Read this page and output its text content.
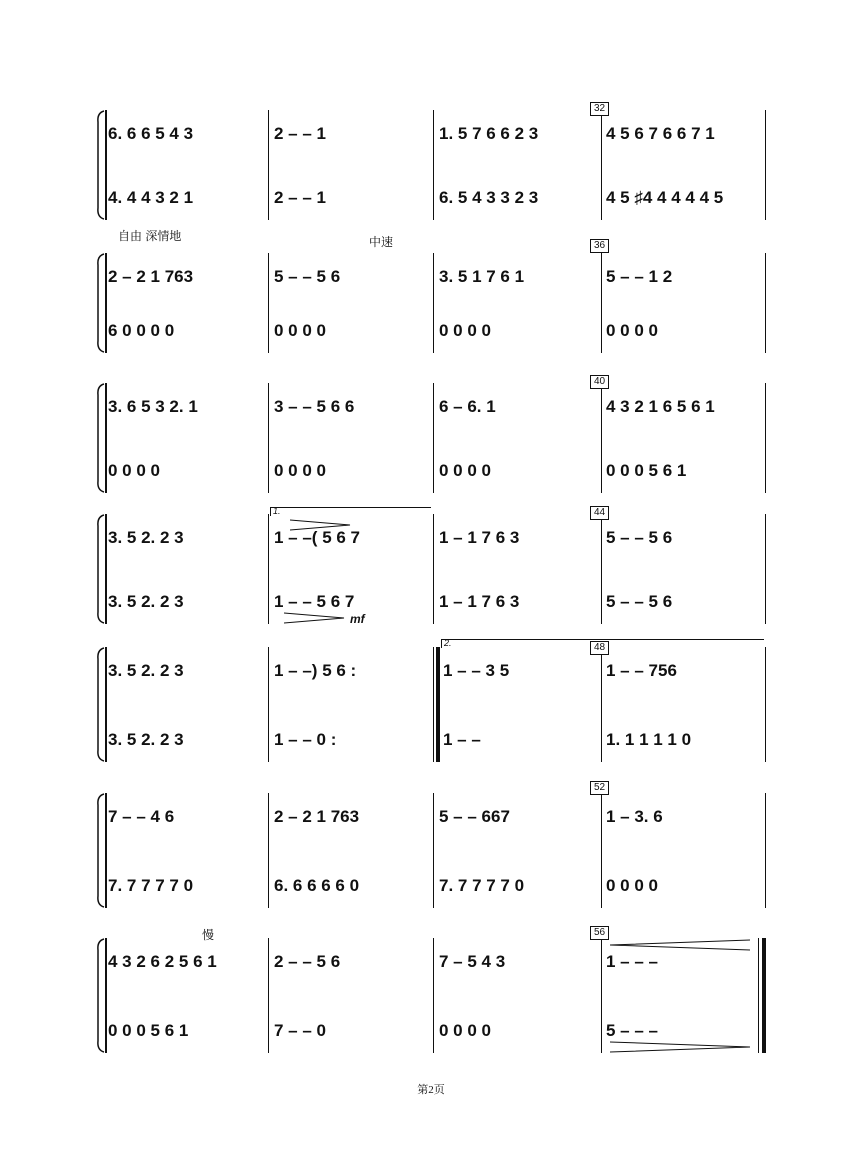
6. 6 6 5 4 3
4. 4 4 3 2 1
2 – – 1
2 – – 1
1. 5 7 6 6 2 3
6. 5 4 3 3 2 3
32
4 5 6 7 6 6 7 1
4 5 ♯4 4 4 4 4 5
自由 深情地	中速
2 – 2 1 763
6 0 0 0 0
5 – – 5 6
0 0 0 0
3. 5 1 7 6 1
0 0 0 0
36
5 – – 1 2
0 0 0 0
3. 6 5 3 2. 1
0 0 0 0
3 – – 5 6 6
0 0 0 0
6 – 6. 1
0 0 0 0
40
4 3 2 1 6 5 6 1
0 0 0 5 6 1
1.
3. 5 2. 2 3
3. 5 2. 2 3
1 – –( 5 6 7
1 – – 5 6 7
mf
1 – 1 7 6 3
1 – 1 7 6 3
44
5 – – 5 6
5 – – 5 6
2.
3. 5 2. 2 3
3. 5 2. 2 3
1 – –) 5 6 :
1 – – 0 :
1 – – 3 5
1 – –
48
1 – – 756
1. 1 1 1 1 0
7 – – 4 6
7. 7 7 7 7 0
2 – 2 1 763
6. 6 6 6 6 0
5 – – 667
7. 7 7 7 7 0
52
1 – 3. 6
0 0 0 0
慢
4 3 2 6 2 5 6 1
0 0 0 5 6 1
2 – – 5 6
7 – – 0
7 – 5 4 3
0 0 0 0
56
1 – – –
5 – – –
第2页
